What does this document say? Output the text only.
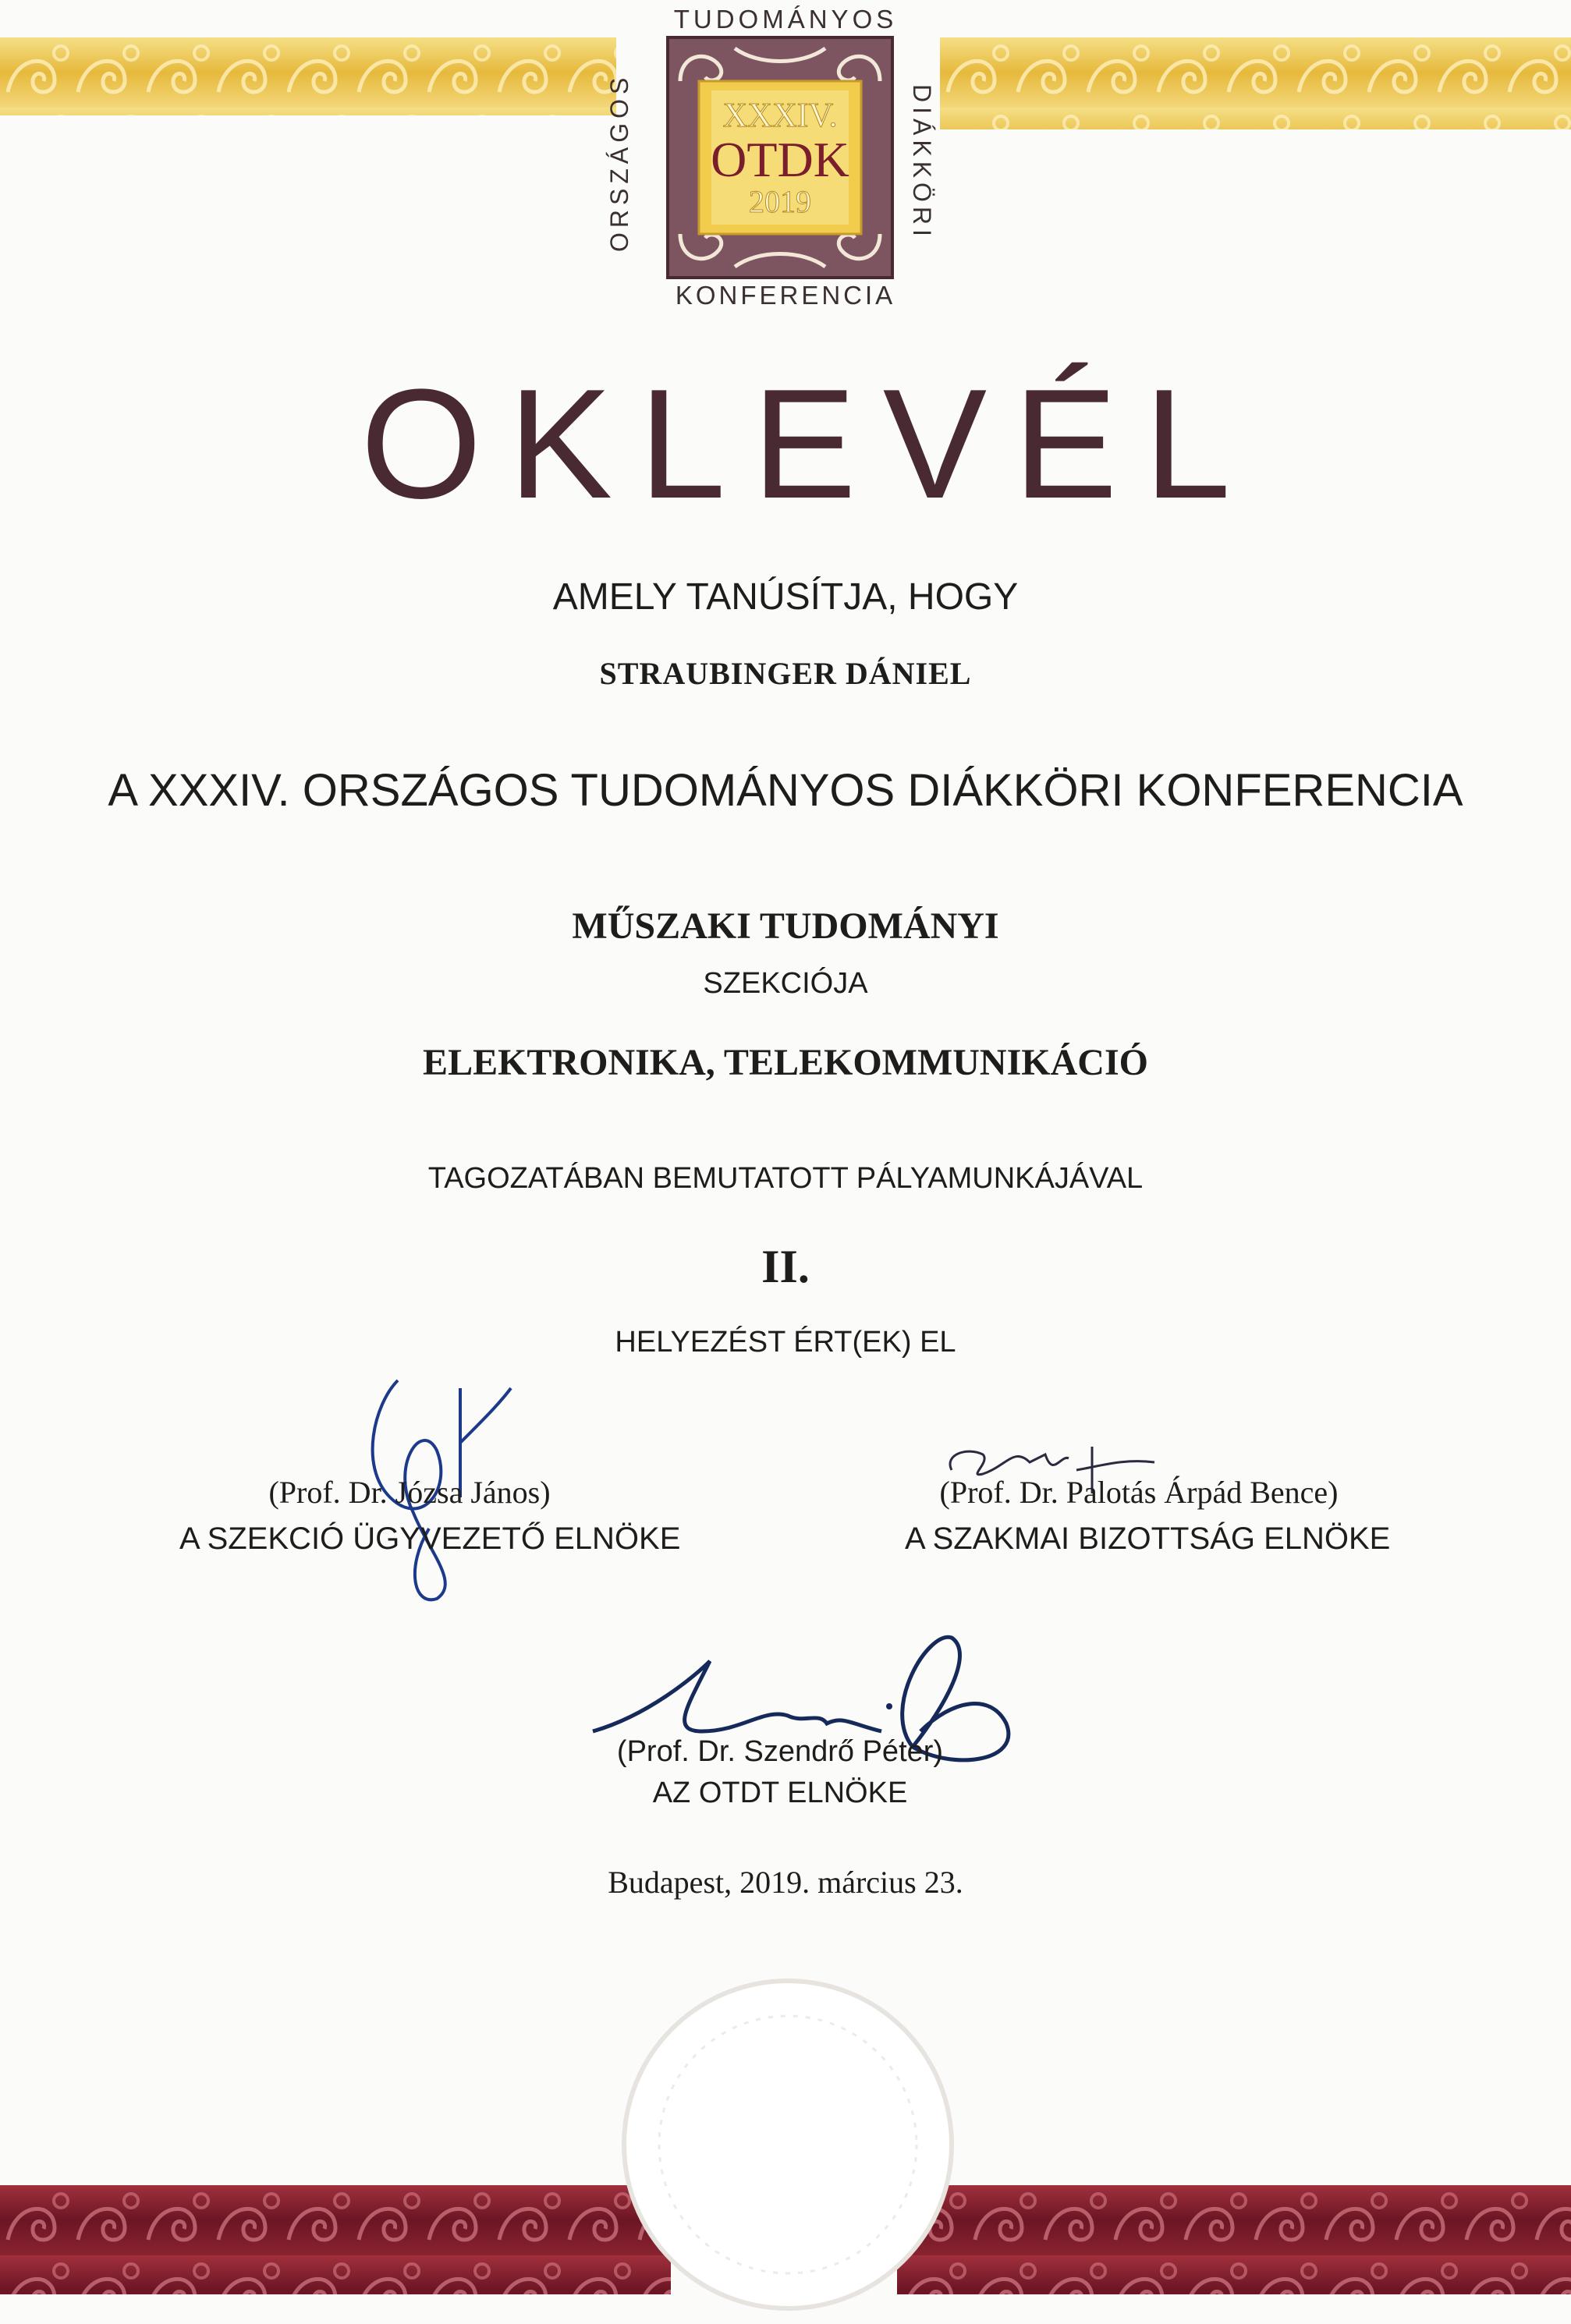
TUDOMÁNYOS
ORSZÁGOS	DIÁKKÖRI
KONFERENCIA
XXXIV.
OTDK
2019
OKLEVÉL
AMELY TANÚSÍTJA, HOGY
STRAUBINGER DÁNIEL
A XXXIV. ORSZÁGOS TUDOMÁNYOS DIÁKKÖRI KONFERENCIA
MŰSZAKI TUDOMÁNYI
SZEKCIÓJA
ELEKTRONIKA, TELEKOMMUNIKÁCIÓ
TAGOZATÁBAN BEMUTATOTT PÁLYAMUNKÁJÁVAL
II.
HELYEZÉST ÉRT(EK) EL
(Prof. Dr. Józsa János)
A SZEKCIÓ ÜGYVEZETŐ ELNÖKE
(Prof. Dr. Palotás Árpád Bence)
A SZAKMAI BIZOTTSÁG ELNÖKE
(Prof. Dr. Szendrő Péter)
AZ OTDT ELNÖKE
Budapest, 2019. március 23.
